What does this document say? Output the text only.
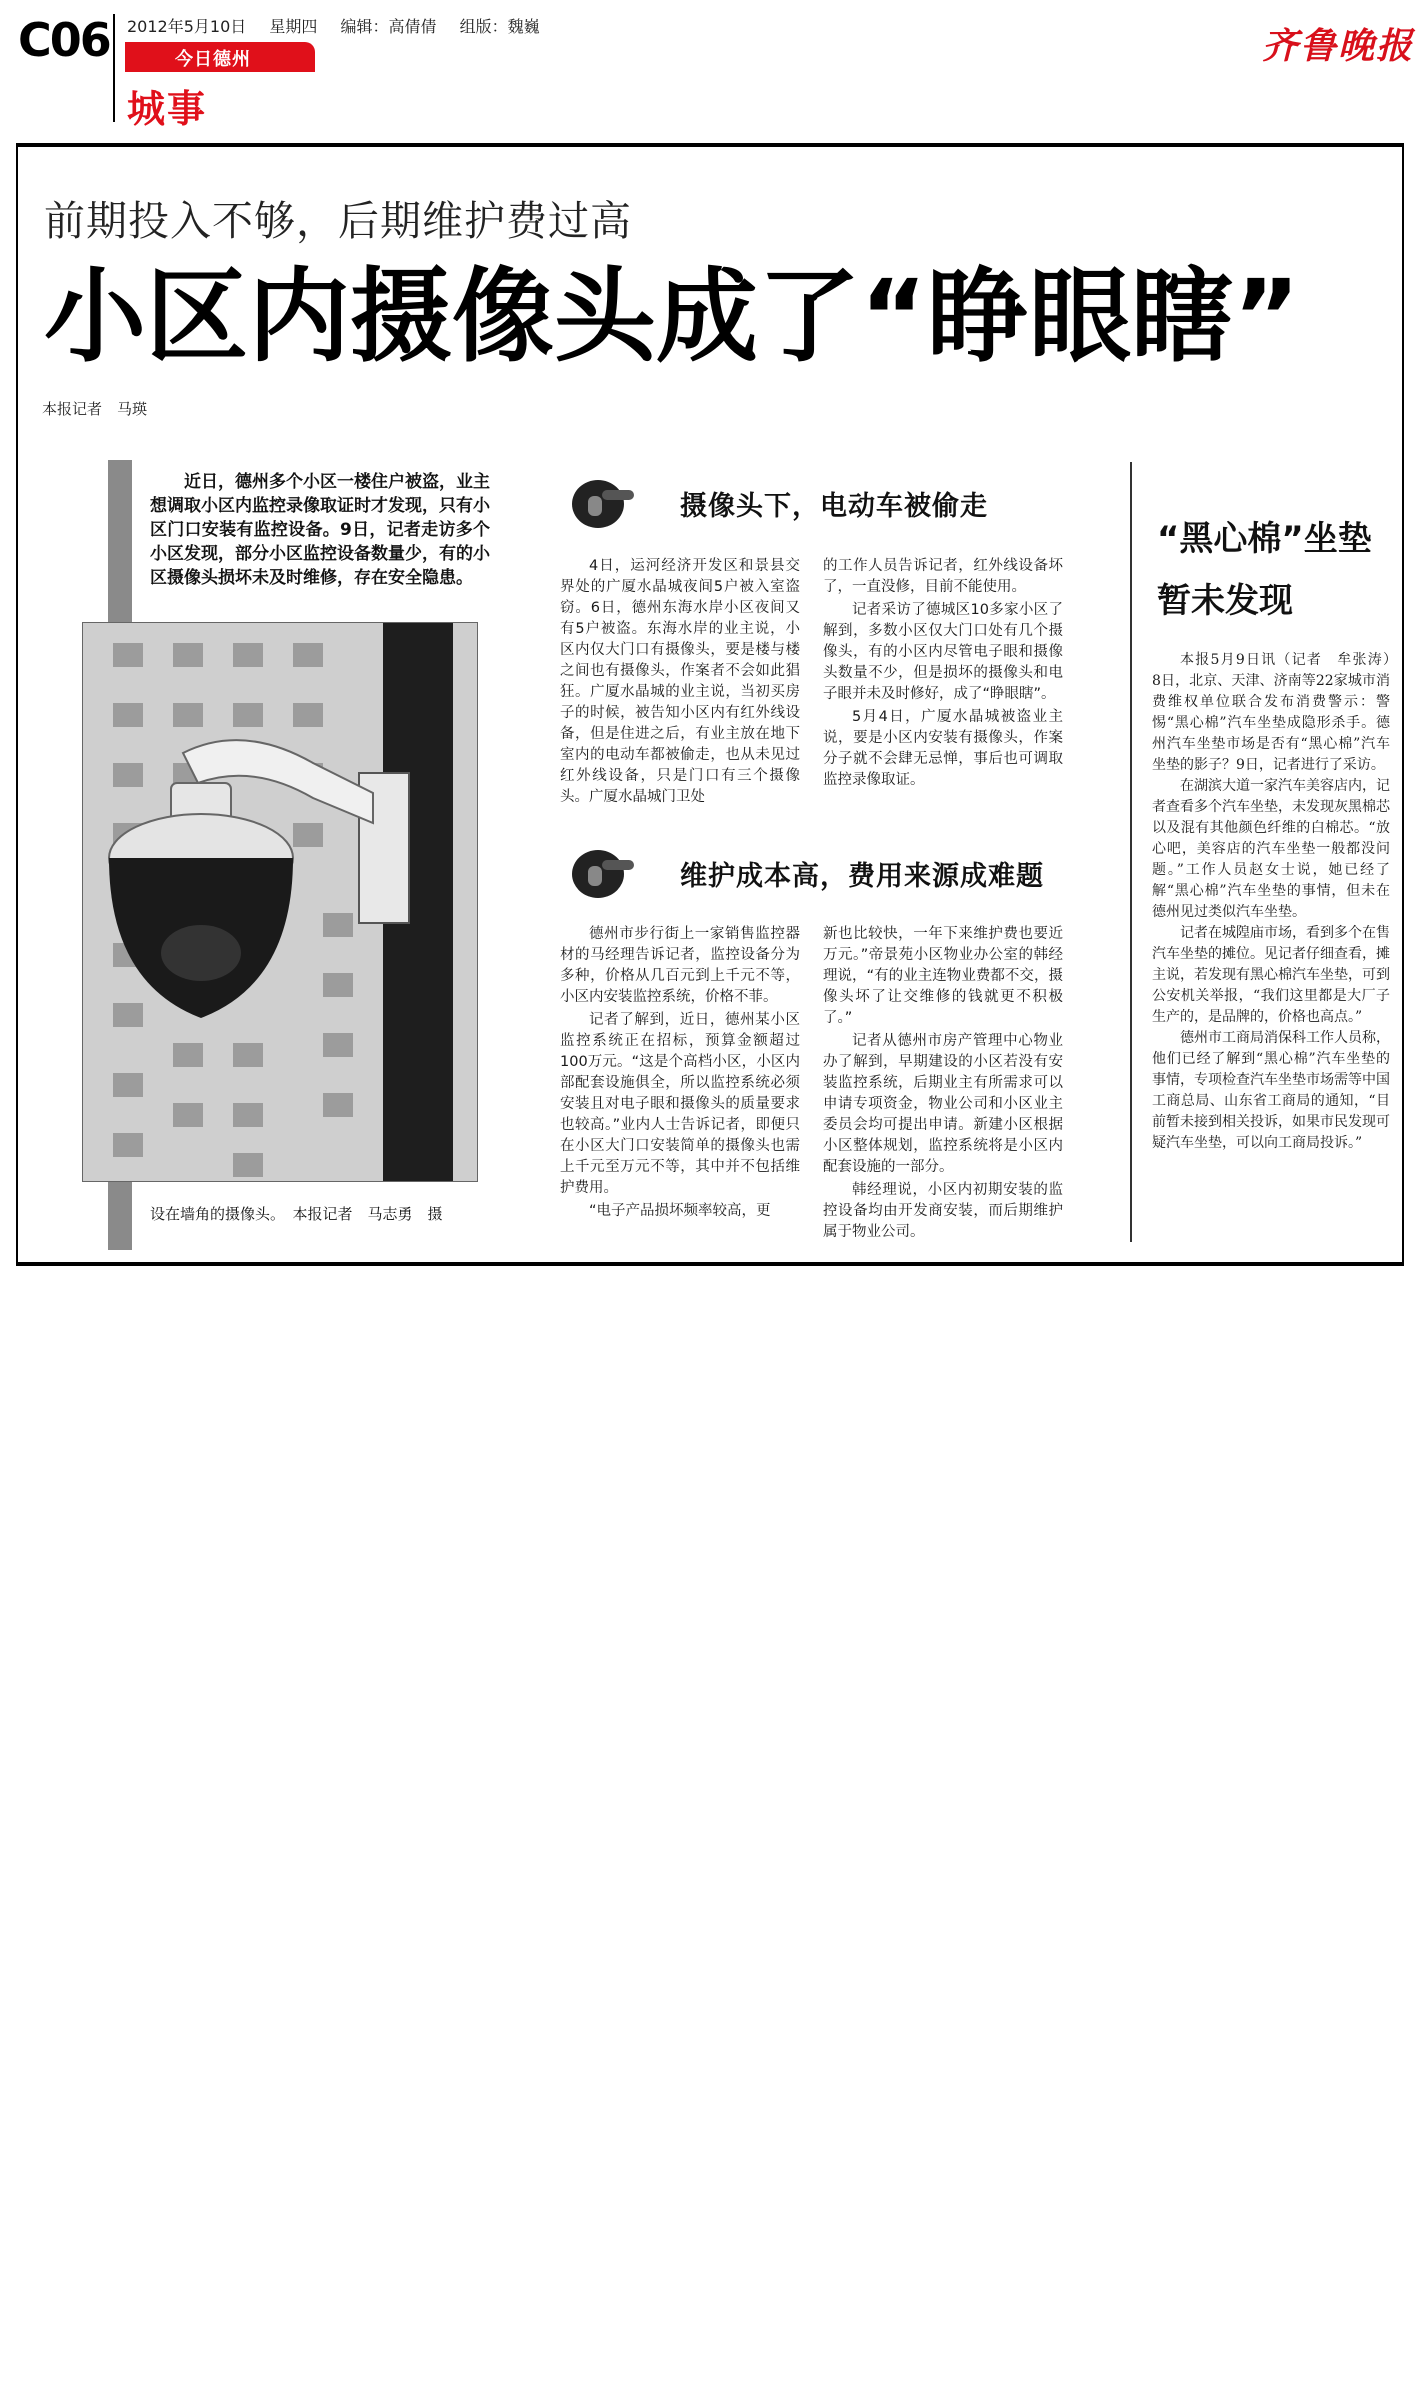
C06 2012年5月10日 星期四 编辑：高倩倩 组版：魏巍
今日德州
城事
齐鲁晚报
前期投入不够，后期维护费过高
小区内摄像头成了“睁眼瞎”
本报记者　马瑛
近日，德州多个小区一楼住户被盗，业主想调取小区内监控录像取证时才发现，只有小区门口安装有监控设备。9日，记者走访多个小区发现，部分小区监控设备数量少，有的小区摄像头损坏未及时维修，存在安全隐患。
设在墙角的摄像头。　本报记者　马志勇　摄
摄像头下，电动车被偷走

4日，运河经济开发区和景县交界处的广厦水晶城夜间5户被入室盗窃。6日，德州东海水岸小区夜间又有5户被盗。东海水岸的业主说，小区内仅大门口有摄像头，要是楼与楼之间也有摄像头，作案者不会如此猖狂。广厦水晶城的业主说，当初买房子的时候，被告知小区内有红外线设备，但是住进之后，有业主放在地下室内的电动车都被偷走，也从未见过红外线设备，只是门口有三个摄像头。广厦水晶城门卫处

的工作人员告诉记者，红外线设备坏了，一直没修，目前不能使用。

记者采访了德城区10多家小区了解到，多数小区仅大门口处有几个摄像头，有的小区内尽管电子眼和摄像头数量不少，但是损坏的摄像头和电子眼并未及时修好，成了“睁眼瞎”。

5月4日，广厦水晶城被盗业主说，要是小区内安装有摄像头，作案分子就不会肆无忌惮，事后也可调取监控录像取证。

维护成本高，费用来源成难题

德州市步行街上一家销售监控器材的马经理告诉记者，监控设备分为多种，价格从几百元到上千元不等，小区内安装监控系统，价格不菲。

记者了解到，近日，德州某小区监控系统正在招标，预算金额超过100万元。“这是个高档小区，小区内部配套设施俱全，所以监控系统必须安装且对电子眼和摄像头的质量要求也较高。”业内人士告诉记者，即便只在小区大门口安装简单的摄像头也需上千元至万元不等，其中并不包括维护费用。

“电子产品损坏频率较高，更

新也比较快，一年下来维护费也要近万元。”帝景苑小区物业办公室的韩经理说，“有的业主连物业费都不交，摄像头坏了让交维修的钱就更不积极了。”

记者从德州市房产管理中心物业办了解到，早期建设的小区若没有安装监控系统，后期业主有所需求可以申请专项资金，物业公司和小区业主委员会均可提出申请。新建小区根据小区整体规划，监控系统将是小区内配套设施的一部分。

韩经理说，小区内初期安装的监控设备均由开发商安装，而后期维护属于物业公司。

“黑心棉”坐垫
暂未发现

本报5月9日讯（记者　牟张涛）　8日，北京、天津、济南等22家城市消费维权单位联合发布消费警示：警惕“黑心棉”汽车坐垫成隐形杀手。德州汽车坐垫市场是否有“黑心棉”汽车坐垫的影子？9日，记者进行了采访。

在湖滨大道一家汽车美容店内，记者查看多个汽车坐垫，未发现灰黑棉芯以及混有其他颜色纤维的白棉芯。“放心吧，美容店的汽车坐垫一般都没问题。”工作人员赵女士说，她已经了解“黑心棉”汽车坐垫的事情，但未在德州见过类似汽车坐垫。

记者在城隍庙市场，看到多个在售汽车坐垫的摊位。见记者仔细查看，摊主说，若发现有黑心棉汽车坐垫，可到公安机关举报，“我们这里都是大厂子生产的，是品牌的，价格也高点。”

德州市工商局消保科工作人员称，他们已经了解到“黑心棉”汽车坐垫的事情，专项检查汽车坐垫市场需等中国工商总局、山东省工商局的通知，“目前暂未接到相关投诉，如果市民发现可疑汽车坐垫，可以向工商局投诉。”
